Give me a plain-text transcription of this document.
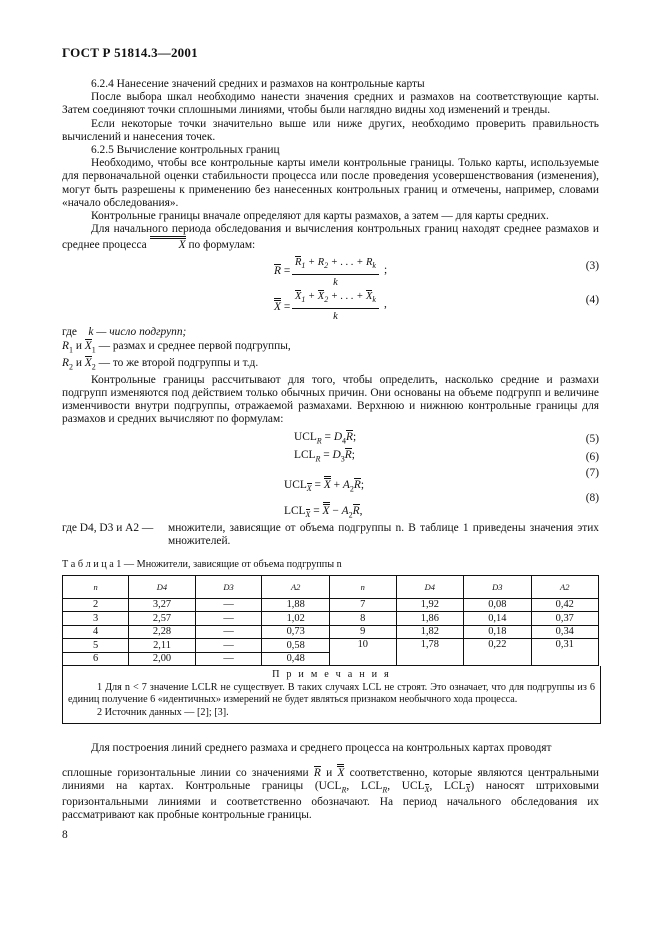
ГОСТ Р 51814.3—2001

6.2.4 Нанесение значений средних и размахов на контрольные карты

После выбора шкал необходимо нанести значения средних и размахов на соответствующие карты. Затем соединяют точки сплошными линиями, чтобы были наглядно видны ход изменений и тренды.

Если некоторые точки значительно выше или ниже других, необходимо проверить правильность вычислений и нанесения точек.

6.2.5 Вычисление контрольных границ

Необходимо, чтобы все контрольные карты имели контрольные границы. Только карты, используемые для первоначальной оценки стабильности процесса или после проведения усовершенствования (изменения), могут быть разрешены к применению без нанесенных контрольных границ и отмечены, например, словами «начало обследования».

Контрольные границы вначале определяют для карты размахов, а затем — для карты средних.

Для начального периода обследования и вычисления контрольных границ находят среднее размахов и среднее процесса	X по формулам:

$R = \frac{R_1 + R_2 + . . . + R_k}{k}$ ;	(3)
$X = \frac{X_1 + X_2 + . . . + X_k}{k}$ ,	(4)

где k — число подгрупп;

$R_1$ и $X_1$ — размах и среднее первой подгруппы,

$R_2$ и $X_2$ — то же второй подгруппы и т.д.

Контрольные границы рассчитывают для того, чтобы определить, насколько средние и размахи подгрупп изменяются под действием только обычных причин. Они основаны на объеме подгрупп и величине изменчивости внутри подгруппы, отражаемой размахами. Верхнюю и нижнюю контрольные границы для размахов и средних вычисляют по формулам:

$UCL_R = D_4R$;	(5)
$LCL_R = D_3R$;	(6)
$UCL_X = X + A_2R$;
(7)
$LCL_X = X - A_2R$,
(8)
где D4, D3 и A2 — множители, зависящие от объема подгруппы n. В таблице 1 приведены значения этих множителей.

Т а б л и ц а 1 — Множители, зависящие от объема подгруппы n

n	D4	D3	A2	n	D4	D3	A2
2	3,27	—	1,88	7	1,92	0,08	0,42
3	2,57	—	1,02	8	1,86	0,14	0,37
4	2,28	—	0,73	9	1,82	0,18	0,34
5	2,11	—	0,58	10	1,78	0,22	0,31
6	2,00	—	0,48				
П р и м е ч а н и я

1 Для n < 7 значение LCLR не существует. В таких случаях LCL не строят. Это означает, что для подгруппы из 6 единиц получение 6 «идентичных» измерений не будет являться признаком необычного хода процесса.

2 Источник данных — [2]; [3].

Для построения линий среднего размаха и среднего процесса на контрольных картах проводят

сплошные горизонтальные линии со значениями R и X соответственно, которые являются центральными линиями на картах. Контрольные границы ($UCL_R$, $LCL_R$, $UCL_X$, $LCL_X$) наносят штриховыми горизонтальными линиями и соответственно обозначают. На период начального обследования их рассматривают как пробные контрольные границы.

8
